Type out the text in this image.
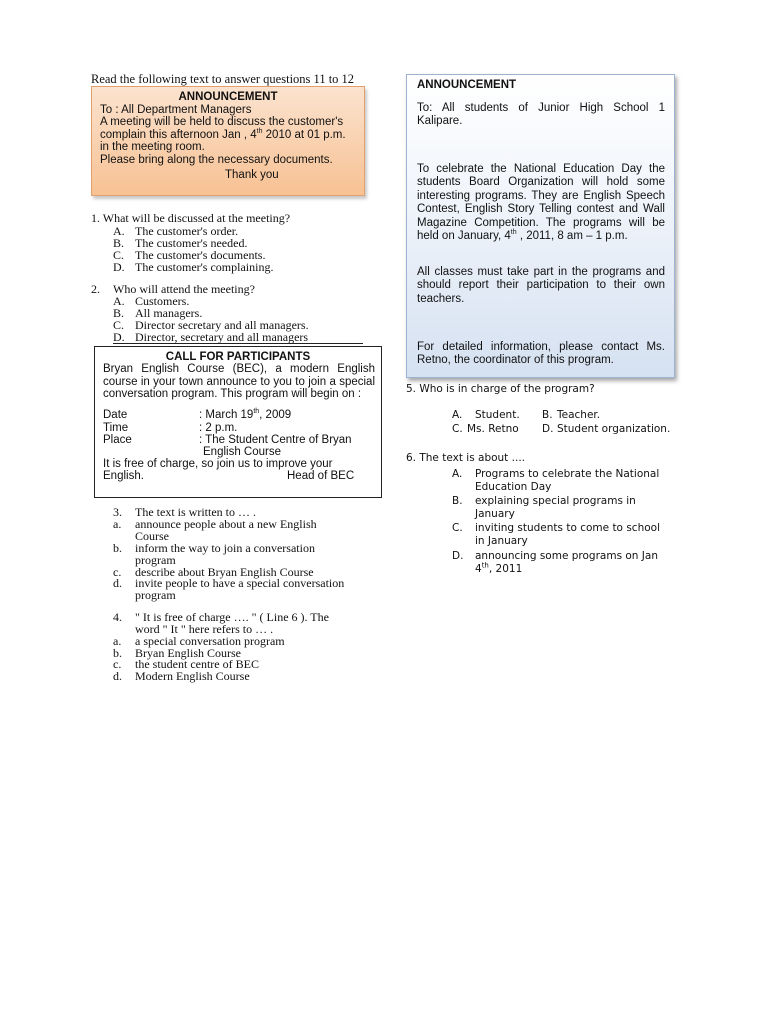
Read the following text to answer questions 11 to 12
ANNOUNCEMENT
To : All Department Managers
A meeting will be held to discuss the customer's
complain this afternoon Jan , 4th 2010 at 01 p.m.
in the meeting room.
Please bring along the necessary documents.
Thank you
1. What will be discussed at the meeting?
A. The customer's order.
B. The customer's needed.
C. The customer's documents.
D. The customer's complaining.
2. Who will attend the meeting?
A. Customers.
B. All managers.
C. Director secretary and all managers.
D. Director, secretary and all managers
CALL FOR PARTICIPANTS
Bryan English Course (BEC), a modern English course in your town announce to you to join a special conversation program. This program will begin on :
Date	: March 19th, 2009
Time	: 2 p.m.
Place	: The Student Centre of Bryan
English Course
It is free of charge, so join us to improve your
English.	Head of BEC
3. The text is written to … .
a. announce people about a new English
Course
b. inform the way to join a conversation
program
c. describe about Bryan English Course
d. invite people to have a special conversation
program
4. " It is free of charge …. " ( Line 6 ). The
word " It " here refers to … .
a. a special conversation program
b. Bryan English Course
c. the student centre of BEC
d. Modern English Course
ANNOUNCEMENT
To: All students of Junior High School 1 Kalipare.
To celebrate the National Education Day the students Board Organization will hold some interesting programs. They are English Speech Contest, English Story Telling contest and Wall Magazine Competition. The programs will be held on January, 4th , 2011, 8 am – 1 p.m.
All classes must take part in the programs and should report their participation to their own teachers.
For detailed information, please contact Ms. Retno, the coordinator of this program.
5. Who is in charge of the program?
A. Student. B. Teacher.
C. Ms. Retno D. Student organization.
6. The text is about ....
A. Programs to celebrate the National
Education Day
B. explaining special programs in
January
C. inviting students to come to school
in January
D. announcing some programs on Jan
4th, 2011
